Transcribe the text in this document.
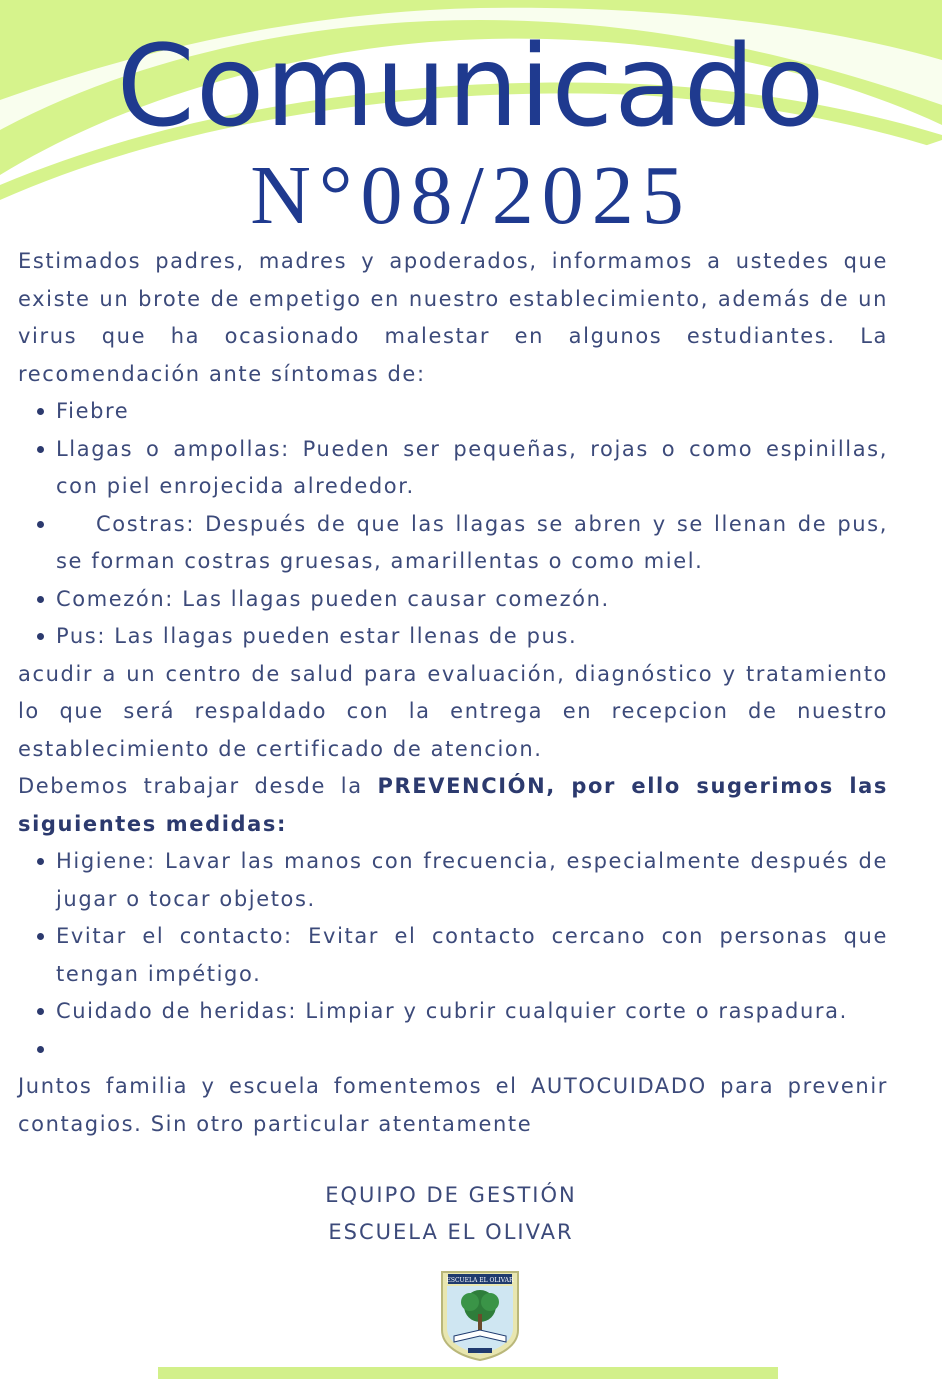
Comunicado
N°08/2025

Estimados padres, madres y apoderados, informamos a ustedes que existe un brote de empetigo en nuestro establecimiento, además de un virus que ha ocasionado malestar en algunos estudiantes. La recomendación ante síntomas de:

Fiebre
Llagas o ampollas: Pueden ser pequeñas, rojas o como espinillas, con piel enrojecida alrededor.
Costras: Después de que las llagas se abren y se llenan de pus, se forman costras gruesas, amarillentas o como miel.
Comezón: Las llagas pueden causar comezón.
Pus: Las llagas pueden estar llenas de pus.

acudir a un centro de salud para evaluación, diagnóstico y tratamiento lo que será respaldado con la entrega en recepcion de nuestro establecimiento de certificado de atencion.

Debemos trabajar desde la PREVENCIÓN, por ello sugerimos las siguientes medidas:

Higiene: Lavar las manos con frecuencia, especialmente después de jugar o tocar objetos.
Evitar el contacto: Evitar el contacto cercano con personas que tengan impétigo.
Cuidado de heridas: Limpiar y cubrir cualquier corte o raspadura.

Juntos familia y escuela fomentemos el AUTOCUIDADO para prevenir contagios. Sin otro particular atentamente

EQUIPO DE GESTIÓN
ESCUELA EL OLIVAR
ESCUELA EL OLIVAR
